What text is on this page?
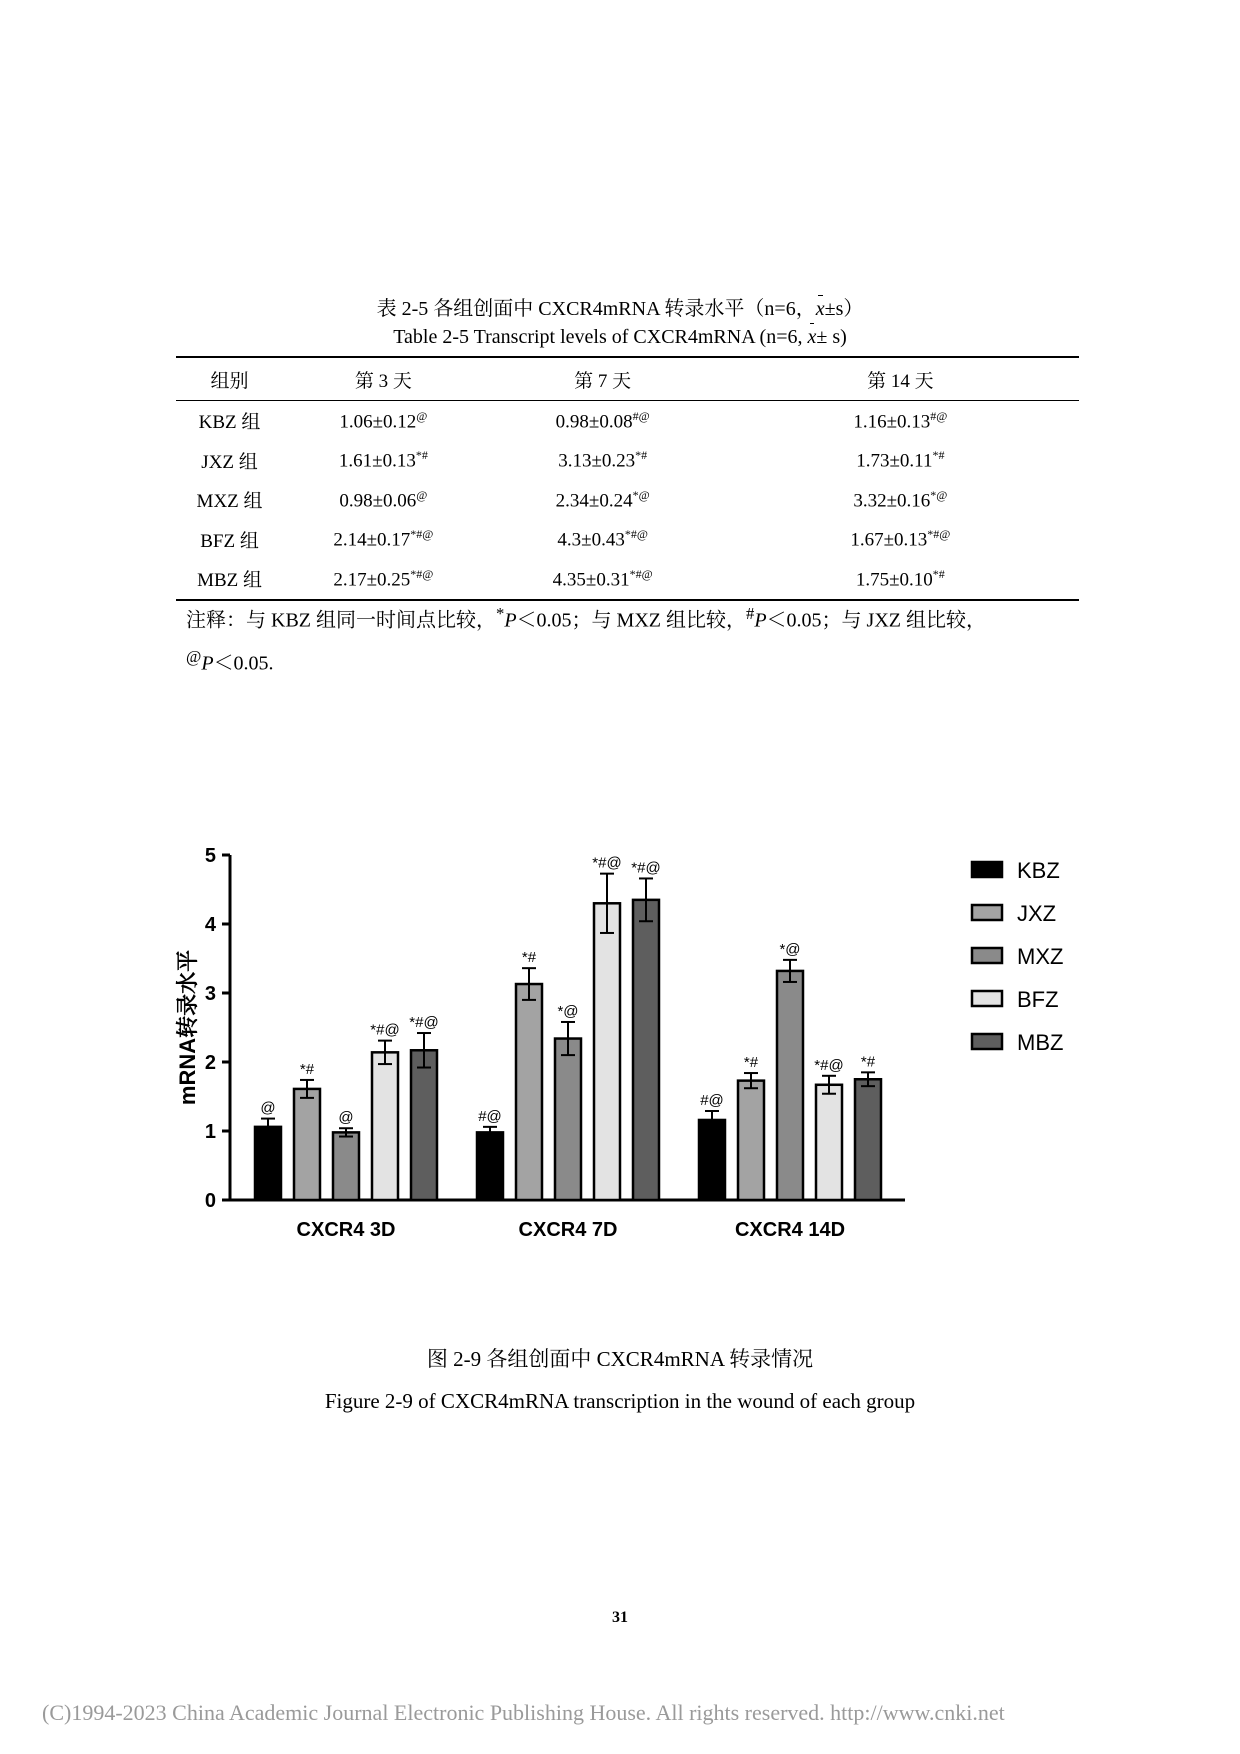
表 2-5 各组创面中 CXCR4mRNA 转录水平（n=6，x±s）
Table 2-5 Transcript levels of CXCR4mRNA (n=6, x± s)
组别	第 3 天	第 7 天	第 14 天
KBZ 组	1.06±0.12@	0.98±0.08#@	1.16±0.13#@
JXZ 组	1.61±0.13*#	3.13±0.23*#	1.73±0.11*#
MXZ 组	0.98±0.06@	2.34±0.24*@	3.32±0.16*@
BFZ 组	2.14±0.17*#@	4.3±0.43*#@	1.67±0.13*#@
MBZ 组	2.17±0.25*#@	4.35±0.31*#@	1.75±0.10*#
注释：与 KBZ 组同一时间点比较，*P＜0.05；与 MXZ 组比较，#P＜0.05；与 JXZ 组比较，
@P＜0.05.
0
1
2
3
4
5
mRNA转录水平
@
*#
@
*#@ *#@
CXCR4 3D
#@
*#
*@
*#@ *#@
CXCR4 7D
#@
*#
*@
*#@ *#
CXCR4 14D
KBZ
JXZ
MXZ
BFZ
MBZ
图 2-9 各组创面中 CXCR4mRNA 转录情况
Figure 2-9 of CXCR4mRNA transcription in the wound of each group
31
(C)1994-2023 China Academic Journal Electronic Publishing House. All rights reserved. http://www.cnki.net
